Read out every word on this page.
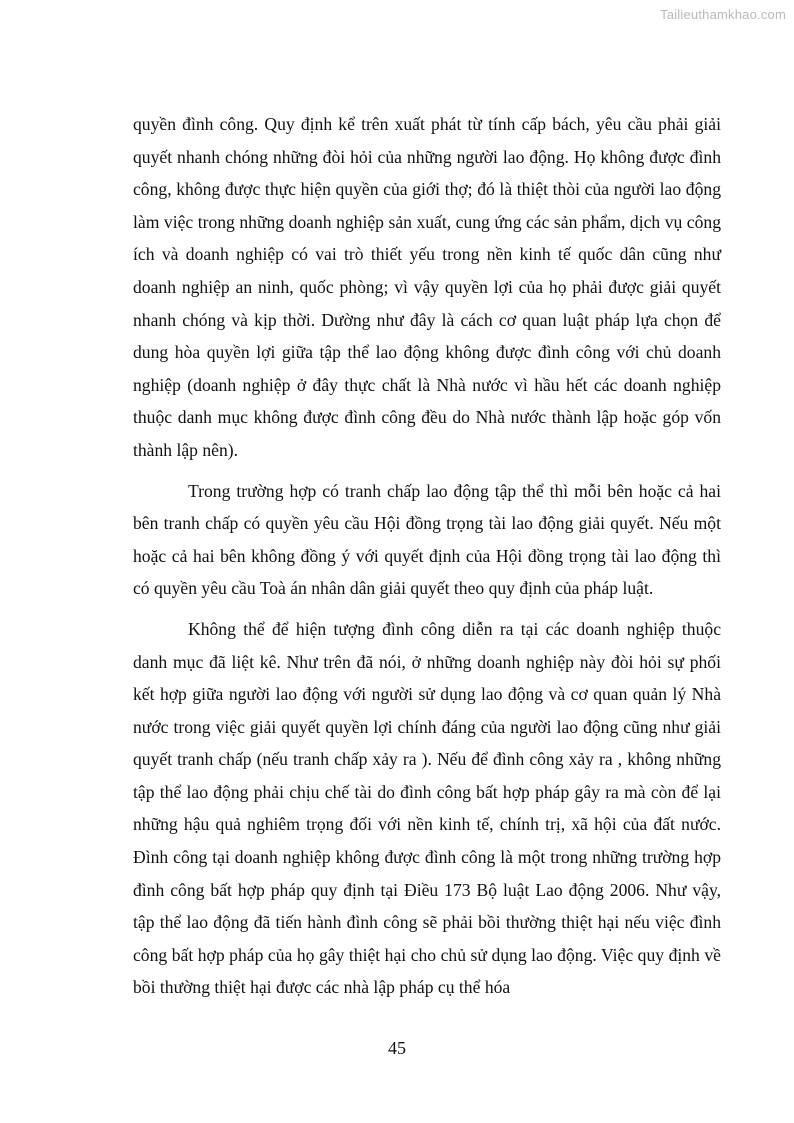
Tailieuthamkhao.com

quyền đình công. Quy định kể trên xuất phát từ tính cấp bách, yêu cầu phải giải quyết nhanh chóng những đòi hỏi của những người lao động. Họ không được đình công, không được thực hiện quyền của giới thợ; đó là thiệt thòi của người lao động làm việc trong những doanh nghiệp sản xuất, cung ứng các sản phẩm, dịch vụ công ích và doanh nghiệp có vai trò thiết yếu trong nền kinh tế quốc dân cũng như doanh nghiệp an ninh, quốc phòng; vì vậy quyền lợi của họ phải được giải quyết nhanh chóng và kịp thời. Dường như đây là cách cơ quan luật pháp lựa chọn để dung hòa quyền lợi giữa tập thể lao động không được đình công với chủ doanh nghiệp (doanh nghiệp ở đây thực chất là Nhà nước vì hầu hết các doanh nghiệp thuộc danh mục không được đình công đều do Nhà nước thành lập hoặc góp vốn thành lập nên).

Trong trường hợp có tranh chấp lao động tập thể thì mỗi bên hoặc cả hai bên tranh chấp có quyền yêu cầu Hội đồng trọng tài lao động giải quyết. Nếu một hoặc cả hai bên không đồng ý với quyết định của Hội đồng trọng tài lao động thì có quyền yêu cầu Toà án nhân dân giải quyết theo quy định của pháp luật.

Không thể để hiện tượng đình công diễn ra tại các doanh nghiệp thuộc danh mục đã liệt kê. Như trên đã nói, ở những doanh nghiệp này đòi hỏi sự phối kết hợp giữa người lao động với người sử dụng lao động và cơ quan quản lý Nhà nước trong việc giải quyết quyền lợi chính đáng của người lao động cũng như giải quyết tranh chấp (nếu tranh chấp xảy ra ). Nếu để đình công xảy ra , không những tập thể lao động phải chịu chế tài do đình công bất hợp pháp gây ra mà còn để lại những hậu quả nghiêm trọng đối với nền kinh tế, chính trị, xã hội của đất nước. Đình công tại doanh nghiệp không được đình công là một trong những trường hợp đình công bất hợp pháp quy định tại Điều 173 Bộ luật Lao động 2006. Như vậy, tập thể lao động đã tiến hành đình công sẽ phải bồi thường thiệt hại nếu việc đình công bất hợp pháp của họ gây thiệt hại cho chủ sử dụng lao động. Việc quy định về bồi thường thiệt hại được các nhà lập pháp cụ thể hóa

45
